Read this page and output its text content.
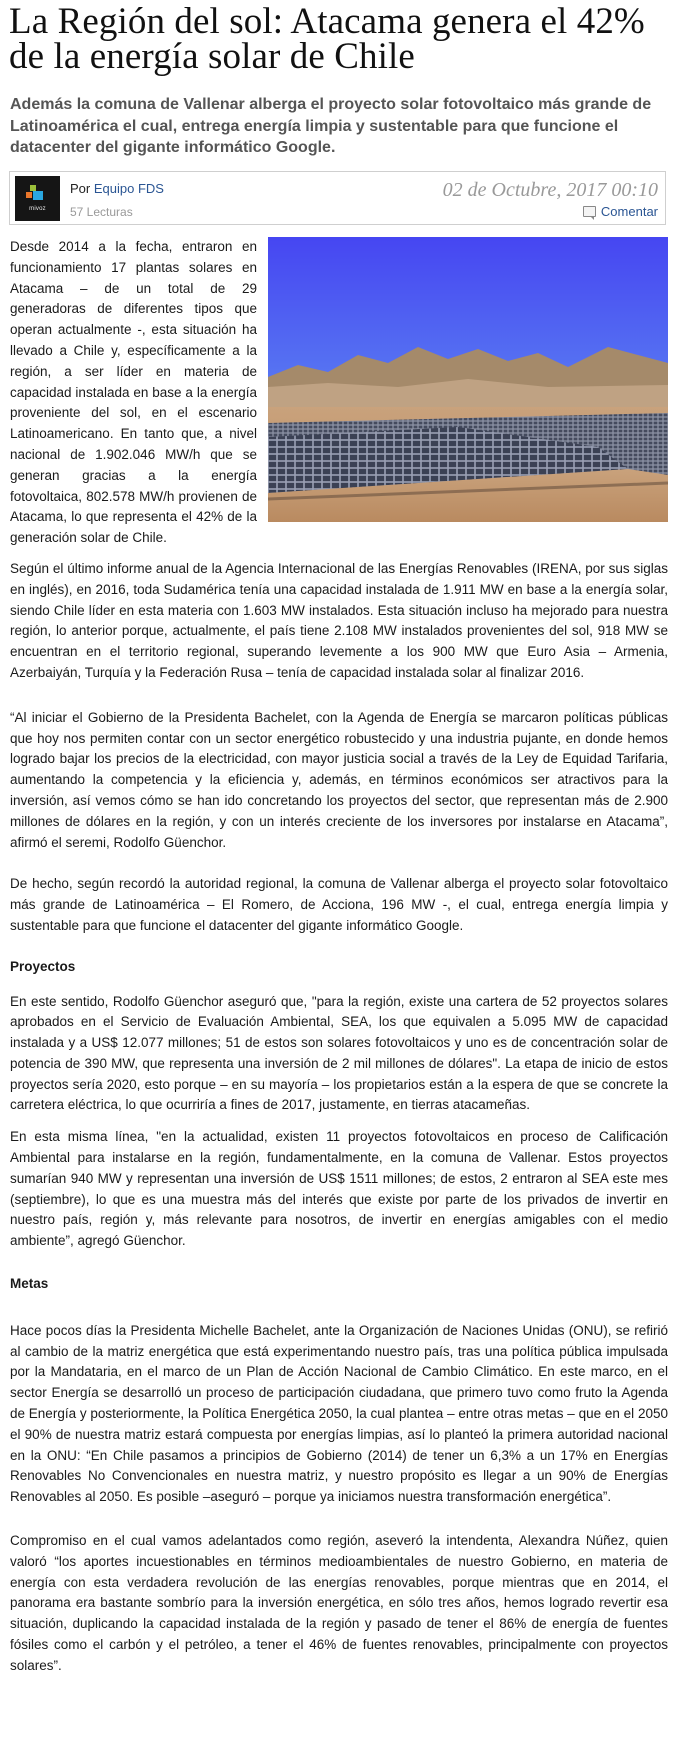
La Región del sol: Atacama genera el 42% de la energía solar de Chile

Además la comuna de Vallenar alberga el proyecto solar fotovoltaico más grande de Latinoamérica el cual, entrega energía limpia y sustentable para que funcione el datacenter del gigante informático Google.

mivoz
Por Equipo FDS
57 Lecturas
02 de Octubre, 2017 00:10
Comentar

Desde 2014 a la fecha, entraron en funcionamiento 17 plantas solares en Atacama – de un total de 29 generadoras de diferentes tipos que operan actualmente -, esta situación ha llevado a Chile y, específicamente a la región, a ser líder en materia de capacidad instalada en base a la energía proveniente del sol, en el escenario Latinoamericano. En tanto que, a nivel nacional de 1.902.046 MW/h que se generan gracias a la energía fotovoltaica, 802.578 MW/h provienen de Atacama, lo que representa el 42% de la generación solar de Chile.

Según el último informe anual de la Agencia Internacional de las Energías Renovables (IRENA, por sus siglas en inglés), en 2016, toda Sudamérica tenía una capacidad instalada de 1.911 MW en base a la energía solar, siendo Chile líder en esta materia con 1.603 MW instalados. Esta situación incluso ha mejorado para nuestra región, lo anterior porque, actualmente, el país tiene 2.108 MW instalados provenientes del sol, 918 MW se encuentran en el territorio regional, superando levemente a los 900 MW que Euro Asia – Armenia, Azerbaiyán, Turquía y la Federación Rusa – tenía de capacidad instalada solar al finalizar 2016.

“Al iniciar el Gobierno de la Presidenta Bachelet, con la Agenda de Energía se marcaron políticas públicas que hoy nos permiten contar con un sector energético robustecido y una industria pujante, en donde hemos logrado bajar los precios de la electricidad, con mayor justicia social a través de la Ley de Equidad Tarifaria, aumentando la competencia y la eficiencia y, además, en términos económicos ser atractivos para la inversión, así vemos cómo se han ido concretando los proyectos del sector, que representan más de 2.900 millones de dólares en la región, y con un interés creciente de los inversores por instalarse en Atacama”, afirmó el seremi, Rodolfo Güenchor.

De hecho, según recordó la autoridad regional, la comuna de Vallenar alberga el proyecto solar fotovoltaico más grande de Latinoamérica – El Romero, de Acciona, 196 MW -, el cual, entrega energía limpia y sustentable para que funcione el datacenter del gigante informático Google.

Proyectos

En este sentido, Rodolfo Güenchor aseguró que, "para la región, existe una cartera de 52 proyectos solares aprobados en el Servicio de Evaluación Ambiental, SEA, los que equivalen a 5.095 MW de capacidad instalada y a US$ 12.077 millones; 51 de estos son solares fotovoltaicos y uno es de concentración solar de potencia de 390 MW, que representa una inversión de 2 mil millones de dólares". La etapa de inicio de estos proyectos sería 2020, esto porque – en su mayoría – los propietarios están a la espera de que se concrete la carretera eléctrica, lo que ocurriría a fines de 2017, justamente, en tierras atacameñas.

En esta misma línea, "en la actualidad, existen 11 proyectos fotovoltaicos en proceso de Calificación Ambiental para instalarse en la región, fundamentalmente, en la comuna de Vallenar. Estos proyectos sumarían 940 MW y representan una inversión de US$ 1511 millones; de estos, 2 entraron al SEA este mes (septiembre), lo que es una muestra más del interés que existe por parte de los privados de invertir en nuestro país, región y, más relevante para nosotros, de invertir en energías amigables con el medio ambiente”, agregó Güenchor.

Metas

Hace pocos días la Presidenta Michelle Bachelet, ante la Organización de Naciones Unidas (ONU), se refirió al cambio de la matriz energética que está experimentando nuestro país, tras una política pública impulsada por la Mandataria, en el marco de un Plan de Acción Nacional de Cambio Climático. En este marco, en el sector Energía se desarrolló un proceso de participación ciudadana, que primero tuvo como fruto la Agenda de Energía y posteriormente, la Política Energética 2050, la cual plantea – entre otras metas – que en el 2050 el 90% de nuestra matriz estará compuesta por energías limpias, así lo planteó la primera autoridad nacional en la ONU: “En Chile pasamos a principios de Gobierno (2014) de tener un 6,3% a un 17% en Energías Renovables No Convencionales en nuestra matriz, y nuestro propósito es llegar a un 90% de Energías Renovables al 2050. Es posible –aseguró – porque ya iniciamos nuestra transformación energética”.

Compromiso en el cual vamos adelantados como región, aseveró la intendenta, Alexandra Núñez, quien valoró “los aportes incuestionables en términos medioambientales de nuestro Gobierno, en materia de energía con esta verdadera revolución de las energías renovables, porque mientras que en 2014, el panorama era bastante sombrío para la inversión energética, en sólo tres años, hemos logrado revertir esa situación, duplicando la capacidad instalada de la región y pasado de tener el 86% de energía de fuentes fósiles como el carbón y el petróleo, a tener el 46% de fuentes renovables, principalmente con proyectos solares”.
